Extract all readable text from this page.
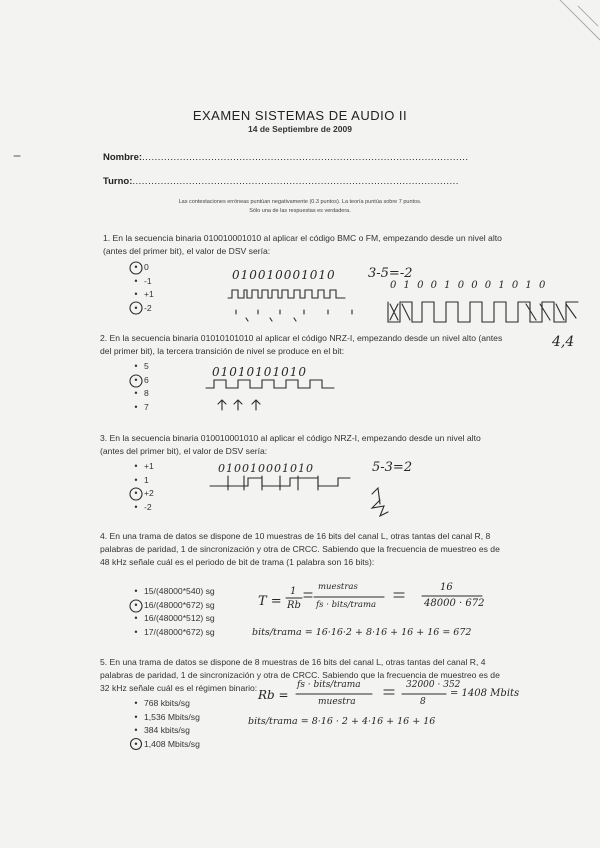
EXAMEN SISTEMAS DE AUDIO II
14 de Septiembre de 2009
Nombre:........................................................................................................
Turno:........................................................................................................
Las contestaciones erróneas puntúan negativamente (0.3 puntos). La teoría puntúa sobre 7 puntos.
Sólo una de las respuestas es verdadera.
1. En la secuencia binaria 010010001010 al aplicar el código BMC o FM, empezando desde un nivel alto (antes del primer bit), el valor de DSV sería:
• 0
• -1
• +1
• -2
2. En la secuencia binaria 01010101010 al aplicar el código NRZ-I, empezando desde un nivel alto (antes del primer bit), la tercera transición de nivel se produce en el bit:
• 5
• 6
• 8
• 7
3. En la secuencia binaria 010010001010 al aplicar el código NRZ-I, empezando desde un nivel alto (antes del primer bit), el valor de DSV sería:
• +1
• 1
• +2
• -2
4. En una trama de datos se dispone de 10 muestras de 16 bits del canal L, otras tantas del canal R, 8 palabras de paridad, 1 de sincronización y otra de CRCC. Sabiendo que la frecuencia de muestreo es de 48 kHz señale cuál es el periodo de bit de trama (1 palabra son 16 bits):
• 15/(48000*540) sg
• 16/(48000*672) sg
• 16/(48000*512) sg
• 17/(48000*672) sg
5. En una trama de datos se dispone de 8 muestras de 16 bits del canal L, otras tantas del canal R, 4 palabras de paridad, 1 de sincronización y otra de CRCC. Sabiendo que la frecuencia de muestreo es de 32 kHz señale cuál es el régimen binario:
• 768 kbits/sg
• 1,536 Mbits/sg
• 384 kbits/sg
• 1,408 Mbits/sg
010010001010 3-5=-2
0 1 0 0 1 0 0 0 1 0 1 0
4,4
01010101010
010010001010	5-3=2
T =
1
Rb
muestras
fs · bits/trama
16
48000 · 672
bits/trama = 16·16·2 + 8·16 + 16 + 16 = 672
Rb =
fs · bits/trama
muestra
32000 · 352
8
= 1408 Mbits
bits/trama = 8·16 · 2 + 4·16 + 16 + 16
